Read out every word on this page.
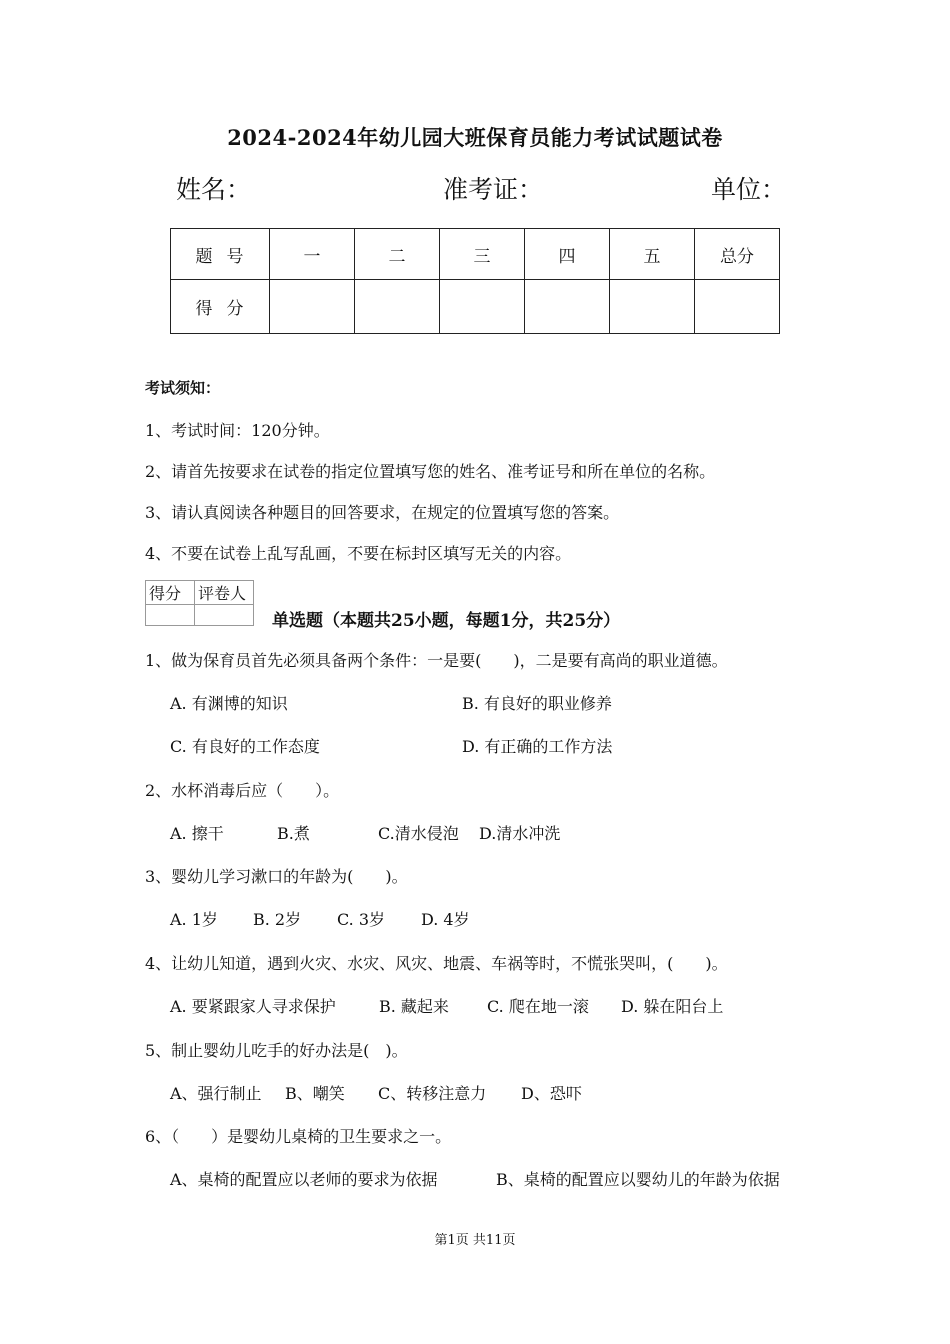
2024-2024年幼儿园大班保育员能力考试试题试卷
姓名：	准考证：	单位：
题号	一	二	三	四	五	总分
得分						
考试须知：
1、考试时间：120分钟。
2、请首先按要求在试卷的指定位置填写您的姓名、准考证号和所在单位的名称。
3、请认真阅读各种题目的回答要求，在规定的位置填写您的答案。
4、不要在试卷上乱写乱画，不要在标封区填写无关的内容。
得分	评卷人

单选题（本题共25小题，每题1分，共25分）
1、做为保育员首先必须具备两个条件：一是要(　　)，二是要有高尚的职业道德。
A. 有渊博的知识	B. 有良好的职业修养
C. 有良好的工作态度	D. 有正确的工作方法
2、水杯消毒后应（　　）。
A. 擦干	B.煮	C.清水侵泡 D.清水冲洗
3、婴幼儿学习漱口的年龄为(　　)。
A. 1岁 B. 2岁 C. 3岁 D. 4岁
4、让幼儿知道，遇到火灾、水灾、风灾、地震、车祸等时，不慌张哭叫，(　　)。
A. 要紧跟家人寻求保护	B. 藏起来 C. 爬在地一滚 D. 躲在阳台上
5、制止婴幼儿吃手的好办法是(　)。
A、强行制止 B、嘲笑 C、转移注意力 D、恐吓
6、（　　）是婴幼儿桌椅的卫生要求之一。
A、桌椅的配置应以老师的要求为依据	B、桌椅的配置应以婴幼儿的年龄为依据
第1页 共11页
